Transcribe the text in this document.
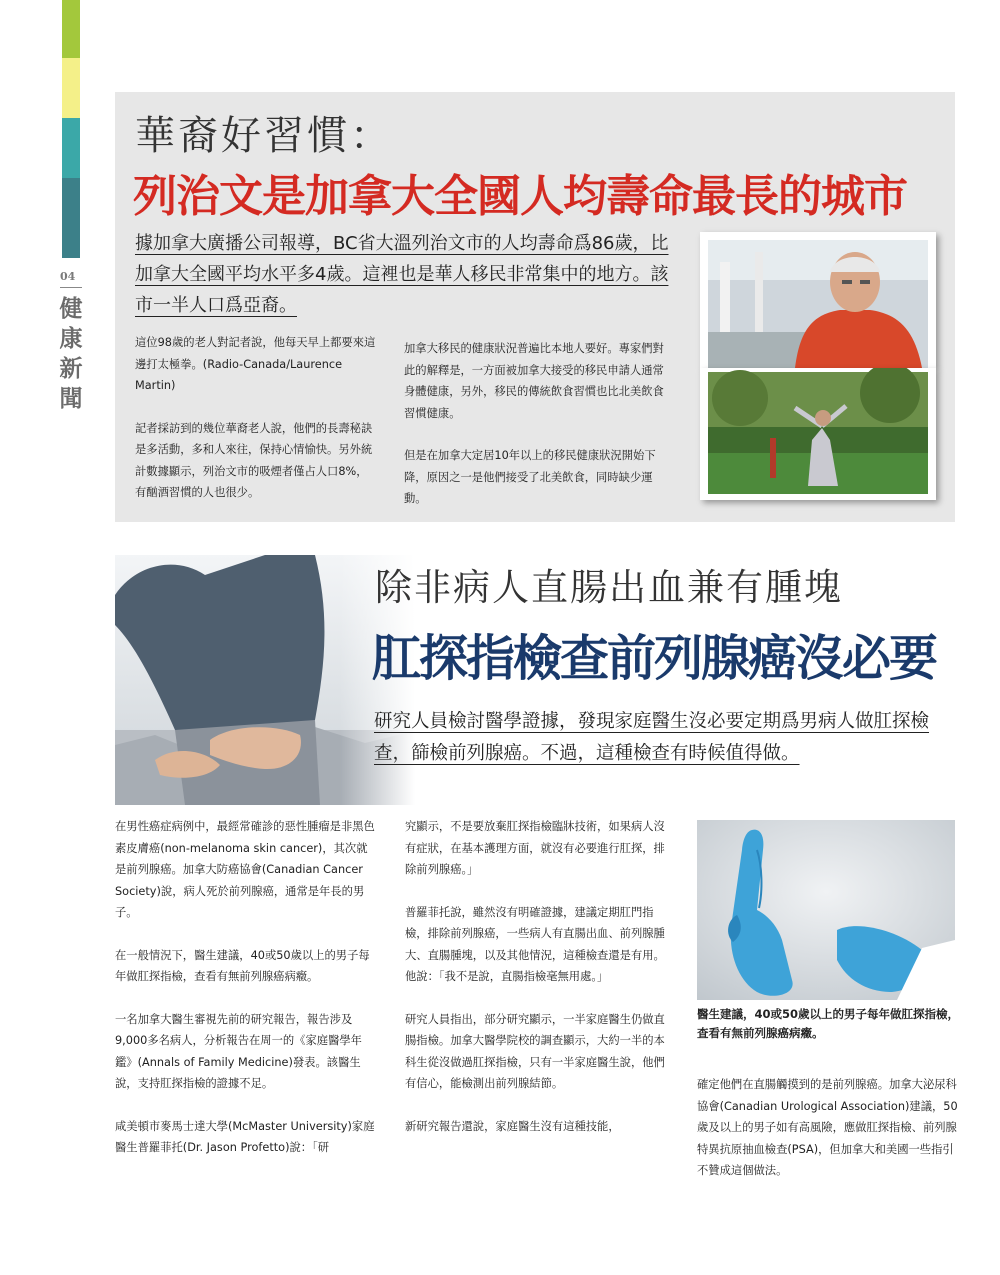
04
健康新聞
華裔好習慣：
列治文是加拿大全國人均壽命最長的城市
據加拿大廣播公司報導，BC省大溫列治文市的人均壽命爲86歲，比加拿大全國平均水平多4歲。這裡也是華人移民非常集中的地方。該市一半人口爲亞裔。

這位98歲的老人對記者說，他每天早上都要來這邊打太極拳。(Radio-Canada/Laurence Martin)

記者採訪到的幾位華裔老人說，他們的長壽秘訣是多活動，多和人來往，保持心情愉快。另外統計數據顯示，列治文市的吸煙者僅占人口8%，有酗酒習慣的人也很少。

加拿大移民的健康狀況普遍比本地人要好。專家們對此的解釋是，一方面被加拿大接受的移民申請人通常身體健康，另外，移民的傳統飲食習慣也比北美飲食習慣健康。

但是在加拿大定居10年以上的移民健康狀況開始下降，原因之一是他們接受了北美飲食，同時缺少運動。

除非病人直腸出血兼有腫塊
肛探指檢查前列腺癌沒必要
研究人員檢討醫學證據，發現家庭醫生沒必要定期爲男病人做肛探檢查，篩檢前列腺癌。不過，這種檢查有時候值得做。

在男性癌症病例中，最經常確診的惡性腫瘤是非黑色素皮膚癌(non-melanoma skin cancer)，其次就是前列腺癌。加拿大防癌協會(Canadian Cancer Society)說，病人死於前列腺癌，通常是年長的男子。

在一般情況下，醫生建議，40或50歲以上的男子每年做肛探指檢，查看有無前列腺癌病癥。

一名加拿大醫生審視先前的研究報告，報告涉及9,000多名病人，分析報告在周一的《家庭醫學年鑑》(Annals of Family Medicine)發表。該醫生說，支持肛探指檢的證據不足。

咸美頓市麥馬士達大學(McMaster University)家庭醫生普羅菲托(Dr. Jason Profetto)說：「研

究顯示，不是要放棄肛探指檢臨牀技術，如果病人沒有症狀，在基本護理方面，就沒有必要進行肛探，排除前列腺癌。」

普羅菲托說，雖然沒有明確證據，建議定期肛門指檢，排除前列腺癌，一些病人有直腸出血、前列腺腫大、直腸腫塊，以及其他情況，這種檢查還是有用。他說：「我不是說，直腸指檢毫無用處。」

研究人員指出，部分研究顯示，一半家庭醫生仍做直腸指檢。加拿大醫學院校的調查顯示，大約一半的本科生從沒做過肛探指檢，只有一半家庭醫生說，他們有信心，能檢測出前列腺結節。

新研究報告還說，家庭醫生沒有這種技能，

醫生建議，40或50歲以上的男子每年做肛探指檢，查看有無前列腺癌病癥。

確定他們在直腸觸摸到的是前列腺癌。加拿大泌尿科協會(Canadian Urological Association)建議，50歲及以上的男子如有高風險，應做肛探指檢、前列腺特異抗原抽血檢查(PSA)，但加拿大和美國一些指引不贊成這個做法。
